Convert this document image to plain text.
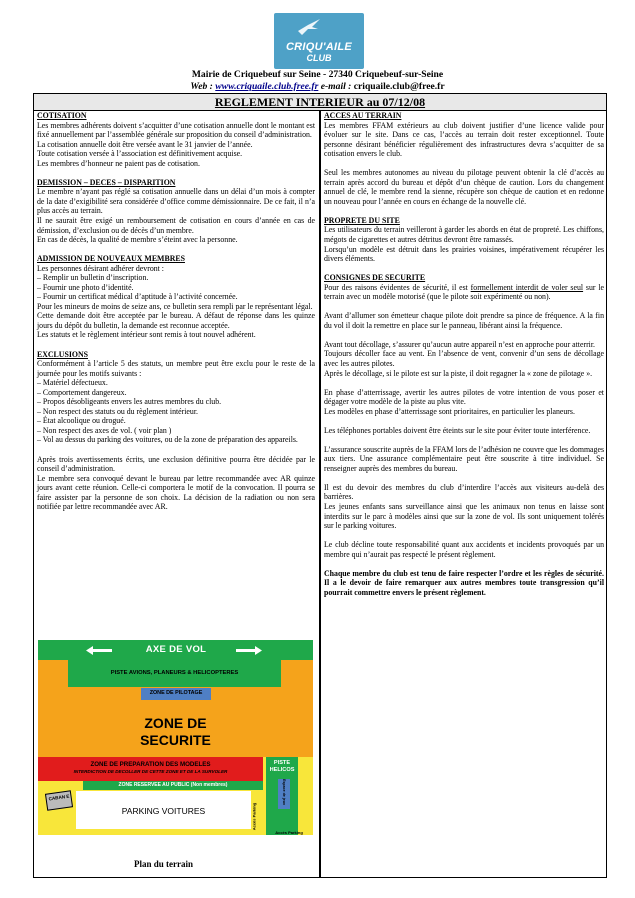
CRIQU'AILE
CLUB
Mairie de Criquebeuf sur Seine - 27340 Criquebeuf-sur-Seine
Web : www.criquaile.club.free.fr e-mail : criquaile.club@free.fr
REGLEMENT INTERIEUR au 07/12/08

COTISATION

Les membres adhérents doivent s’acquitter d’une cotisation annuelle dont le montant est fixé annuellement par l’assemblée générale sur proposition du conseil d’administration.

La cotisation annuelle doit être versée avant le 31 janvier de l’année.

Toute cotisation versée à l’association est définitivement acquise.

Les membres d’honneur ne paient pas de cotisation.

DEMISSION – DECES – DISPARITION

Le membre n’ayant pas réglé sa cotisation annuelle dans un délai d’un mois à compter de la date d’exigibilité sera considérée d’office comme démissionnaire. De ce fait, il n’a plus accès au terrain.

Il ne saurait être exigé un remboursement de cotisation en cours d’année en cas de démission, d’exclusion ou de décès d’un membre.

En cas de décès, la qualité de membre s’éteint avec la personne.

ADMISSION DE NOUVEAUX MEMBRES

Les personnes désirant adhérer devront :

– Remplir un bulletin d’inscription.

– Fournir une photo d’identité.

– Fournir un certificat médical d’aptitude à l’activité concernée.

Pour les mineurs de moins de seize ans, ce bulletin sera rempli par le représentant légal.

Cette demande doit être acceptée par le bureau. A défaut de réponse dans les quinze jours du dépôt du bulletin, la demande est reconnue acceptée.

Les statuts et le règlement intérieur sont remis à tout nouvel adhérent.

EXCLUSIONS

Conformément à l’article 5 des statuts, un membre peut être exclu pour le reste de la journée pour les motifs suivants :

– Matériel défectueux.

– Comportement dangereux.

– Propos désobligeants envers les autres membres du club.

– Non respect des statuts ou du règlement intérieur.

– État alcoolique ou drogué.

– Non respect des axes de vol. ( voir plan )

– Vol au dessus du parking des voitures, ou de la zone de préparation des appareils.

Après trois avertissements écrits, une exclusion définitive pourra être décidée par le conseil d’administration.

Le membre sera convoqué devant le bureau par lettre recommandée avec AR quinze jours avant cette réunion. Celle-ci comportera le motif de la convocation. Il pourra se faire assister par la personne de son choix. La décision de la radiation ou non sera notifiée par lettre recommandée avec AR.

AXE DE VOL
PISTE AVIONS, PLANEURS & HELICOPTERES
ZONE DE PILOTAGE
ZONE DE
SECURITE
ZONE DE PREPARATION DES MODELES
INTERDICTION DE DECOLLER DE CETTE ZONE ET DE LA SURVOLER
PISTE
HELICOS
Espace de jeux
ZONE RESERVEE AU PUBLIC (Non membres)
CABAN E
PARKING VOITURES	Accès Parking
Accès Parking
Plan du terrain

ACCES AU TERRAIN

Les membres FFAM extérieurs au club doivent justifier d’une licence valide pour évoluer sur le site. Dans ce cas, l’accès au terrain doit rester exceptionnel. Toute personne désirant bénéficier régulièrement des infrastructures devra s’acquitter de sa cotisation envers le club.

Seul les membres autonomes au niveau du pilotage peuvent obtenir la clé d’accès au terrain après accord du bureau et dépôt d’un chèque de caution. Lors du changement annuel de clé, le membre rend la sienne, récupère son chèque de caution et en redonne un nouveau pour l’année en cours en échange de la nouvelle clé.

PROPRETE DU SITE

Les utilisateurs du terrain veilleront à garder les abords en état de propreté. Les chiffons, mégots de cigarettes et autres détritus devront être ramassés.

Lorsqu’un modèle est détruit dans les prairies voisines, impérativement récupérer les divers éléments.

CONSIGNES DE SECURITE

Pour des raisons évidentes de sécurité, il est formellement interdit de voler seul sur le terrain avec un modèle motorisé (que le pilote soit expérimenté ou non).

Avant d’allumer son émetteur chaque pilote doit prendre sa pince de fréquence. A la fin du vol il doit la remettre en place sur le panneau, libérant ainsi la fréquence.

Avant tout décollage, s’assurer qu’aucun autre appareil n’est en approche pour atterrir.

Toujours décoller face au vent. En l’absence de vent, convenir d’un sens de décollage avec les autres pilotes.

Après le décollage, si le pilote est sur la piste, il doit regagner la « zone de pilotage ».

En phase d’atterrissage, avertir les autres pilotes de votre intention de vous poser et dégager votre modèle de la piste au plus vite.

Les modèles en phase d’atterrissage sont prioritaires, en particulier les planeurs.

Les téléphones portables doivent être éteints sur le site pour éviter toute interférence.

L’assurance souscrite auprès de la FFAM lors de l’adhésion ne couvre que les dommages aux tiers. Une assurance complémentaire peut être souscrite à titre individuel. Se renseigner auprès des membres du bureau.

Il est du devoir des membres du club d’interdire l’accès aux visiteurs au-delà des barrières.

Les jeunes enfants sans surveillance ainsi que les animaux non tenus en laisse sont interdits sur le parc à modèles ainsi que sur la zone de vol. Ils sont uniquement tolérés sur le parking voitures.

Le club décline toute responsabilité quant aux accidents et incidents provoqués par un membre qui n’aurait pas respecté le présent règlement.

Chaque membre du club est tenu de faire respecter l’ordre et les règles de sécurité. Il a le devoir de faire remarquer aux autres membres toute transgression qu’il pourrait commettre envers le présent règlement.
